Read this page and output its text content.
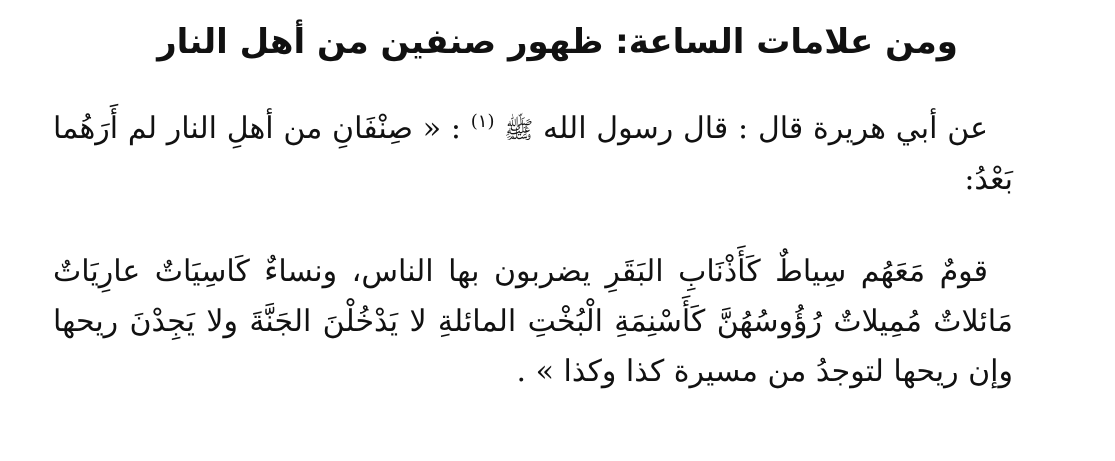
ومن علامات الساعة: ظهور صنفين من أهل النار
عن أبي هريرة قال : قال رسول الله ﷺ $^{(١)}$ : « صِنْفَانِ من أهلِ النار لم أَرَهُما بَعْدُ:
قومٌ مَعَهُم سِياطٌ كَأَذْنَابِ البَقَرِ يضربون بها الناس، ونساءٌ كَاسِيَاتٌ عارِيَاتٌ مَائلاتٌ مُمِيلاتٌ رُؤُوسُهُنَّ كَأَسْنِمَةِ الْبُخْتِ المائلةِ لا يَدْخُلْنَ الجَنَّةَ ولا يَجِدْنَ ريحها وإن ريحها لتوجدُ من مسيرة كذا وكذا » .
